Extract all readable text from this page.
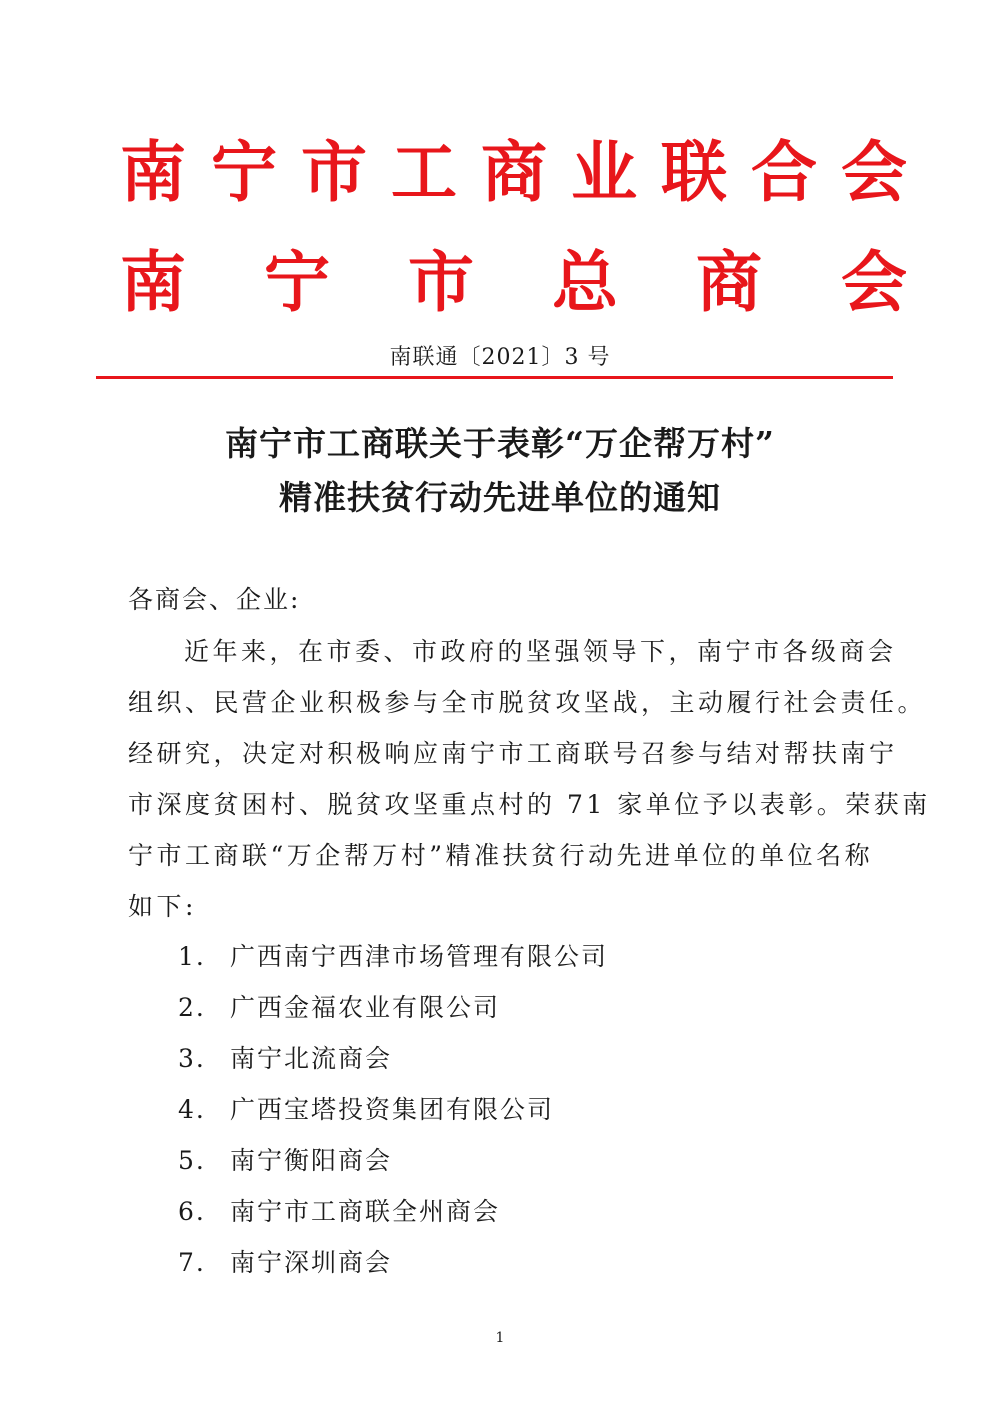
南 宁 市 工 商 业 联 合 会
南 宁 市 总 商 会
南联通〔2021〕3 号
南宁市工商联关于表彰“万企帮万村”
精准扶贫行动先进单位的通知
各商会、企业:
近年来，在市委、市政府的坚强领导下，南宁市各级商会
组织、民营企业积极参与全市脱贫攻坚战，主动履行社会责任。
经研究，决定对积极响应南宁市工商联号召参与结对帮扶南宁
市深度贫困村、脱贫攻坚重点村的 71 家单位予以表彰。荣获南
宁市工商联“万企帮万村”精准扶贫行动先进单位的单位名称
如下:
1. 广西南宁西津市场管理有限公司
2. 广西金福农业有限公司
3. 南宁北流商会
4. 广西宝塔投资集团有限公司
5. 南宁衡阳商会
6. 南宁市工商联全州商会
7. 南宁深圳商会
1
